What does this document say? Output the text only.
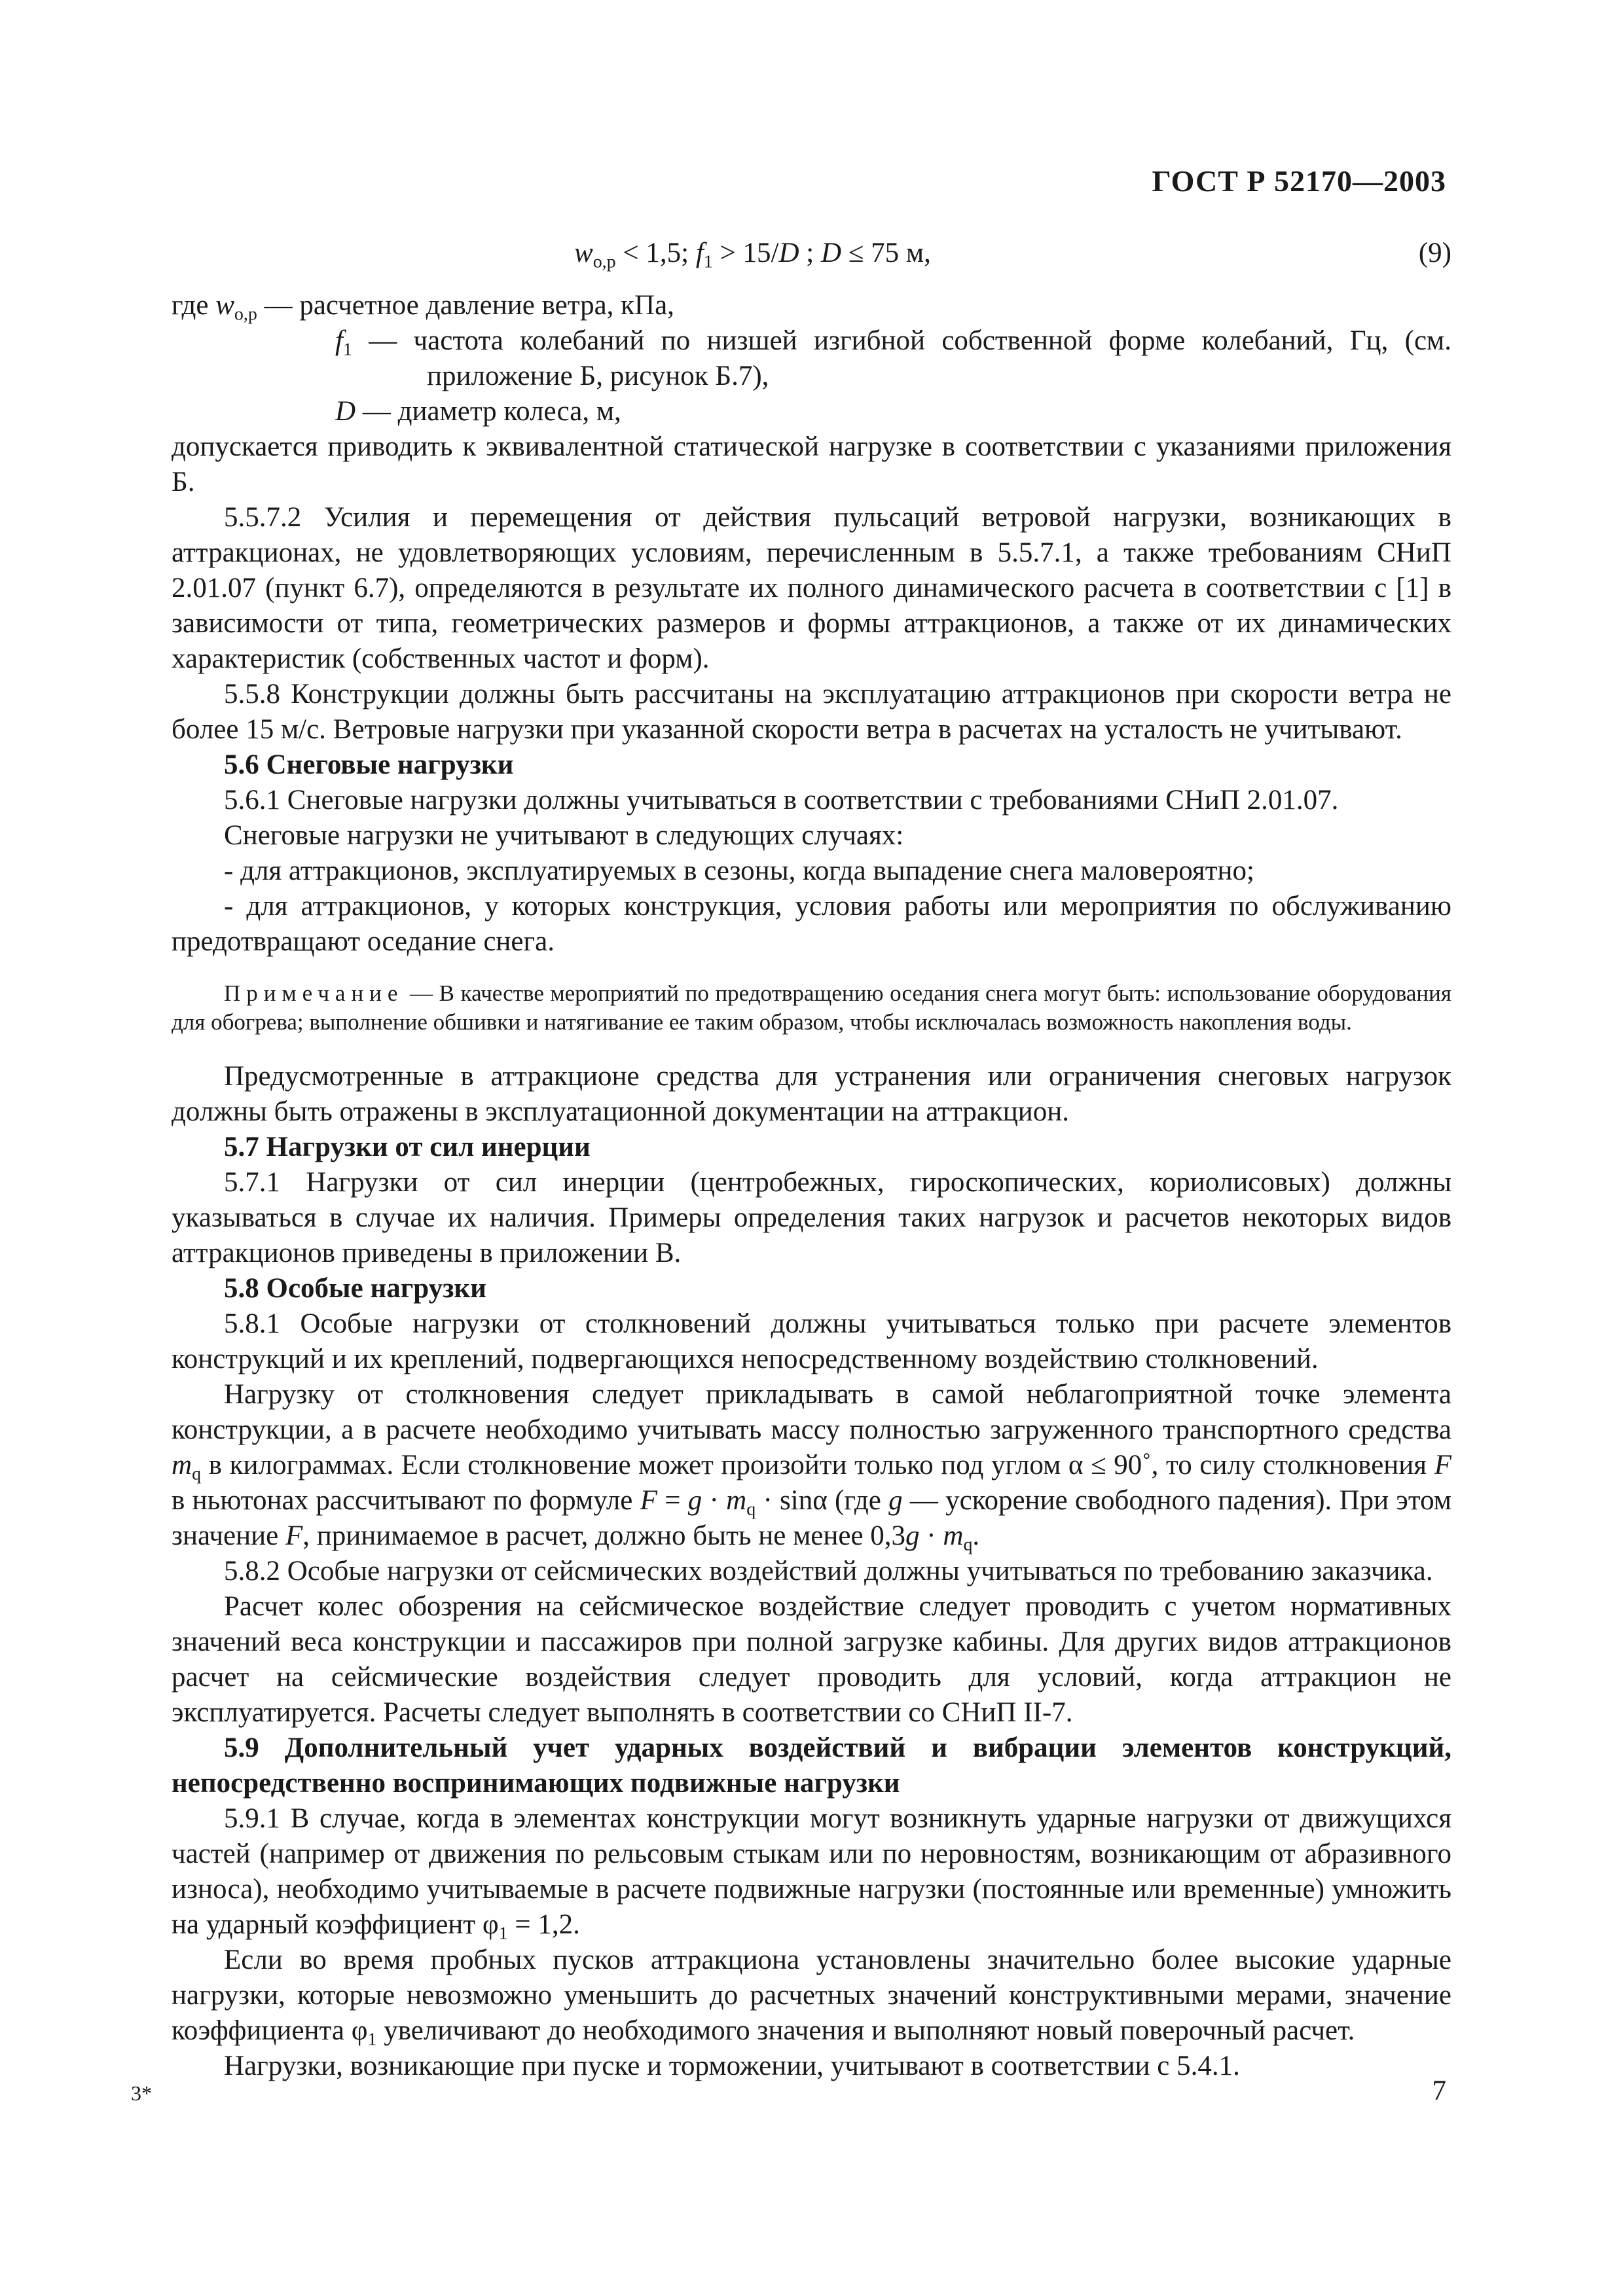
ГОСТ Р 52170—2003
$w_{o,p} < 1,5$; $f_1 > 15/D$ ; D ≤ 75 м,	(9)

где $w_{o,p}$ — расчетное давление ветра, кПа,

$f_1$ — частота колебаний по низшей изгибной собственной форме колебаний, Гц, (см. приложение Б, рисунок Б.7),

D — диаметр колеса, м,

допускается приводить к эквивалентной статической нагрузке в соответствии с указаниями приложения Б.

5.5.7.2 Усилия и перемещения от действия пульсаций ветровой нагрузки, возникающих в аттракционах, не удовлетворяющих условиям, перечисленным в 5.5.7.1, а также требованиям СНиП 2.01.07 (пункт 6.7), определяются в результате их полного динамического расчета в соответствии с [1] в зависимости от типа, геометрических размеров и формы аттракционов, а также от их динамических характеристик (собственных частот и форм).

5.5.8 Конструкции должны быть рассчитаны на эксплуатацию аттракционов при скорости ветра не более 15 м/с. Ветровые нагрузки при указанной скорости ветра в расчетах на усталость не учитывают.

5.6 Снеговые нагрузки

5.6.1 Снеговые нагрузки должны учитываться в соответствии с требованиями СНиП 2.01.07.

Снеговые нагрузки не учитывают в следующих случаях:

- для аттракционов, эксплуатируемых в сезоны, когда выпадение снега маловероятно;

- для аттракционов, у которых конструкция, условия работы или мероприятия по обслуживанию предотвращают оседание снега.

Примечание — В качестве мероприятий по предотвращению оседания снега могут быть: использование оборудования для обогрева; выполнение обшивки и натягивание ее таким образом, чтобы исключалась возможность накопления воды.

Предусмотренные в аттракционе средства для устранения или ограничения снеговых нагрузок должны быть отражены в эксплуатационной документации на аттракцион.

5.7 Нагрузки от сил инерции

5.7.1 Нагрузки от сил инерции (центробежных, гироскопических, кориолисовых) должны указываться в случае их наличия. Примеры определения таких нагрузок и расчетов некоторых видов аттракционов приведены в приложении В.

5.8 Особые нагрузки

5.8.1 Особые нагрузки от столкновений должны учитываться только при расчете элементов конструкций и их креплений, подвергающихся непосредственному воздействию столкновений.

Нагрузку от столкновения следует прикладывать в самой неблагоприятной точке элемента конструкции, а в расчете необходимо учитывать массу полностью загруженного транспортного средства $m_q$ в килограммах. Если столкновение может произойти только под углом α ≤ 90˚, то силу столкновения F в ньютонах рассчитывают по формуле $F = g \cdot m_q \cdot \sin\alpha$ (где g — ускорение свободного падения). При этом значение F, принимаемое в расчет, должно быть не менее $0,3g \cdot m_q$.

5.8.2 Особые нагрузки от сейсмических воздействий должны учитываться по требованию заказчика.

Расчет колес обозрения на сейсмическое воздействие следует проводить с учетом нормативных значений веса конструкции и пассажиров при полной загрузке кабины. Для других видов аттракционов расчет на сейсмические воздействия следует проводить для условий, когда аттракцион не эксплуатируется. Расчеты следует выполнять в соответствии со СНиП II-7.

5.9 Дополнительный учет ударных воздействий и вибрации элементов конструкций, непосредственно воспринимающих подвижные нагрузки

5.9.1 В случае, когда в элементах конструкции могут возникнуть ударные нагрузки от движущихся частей (например от движения по рельсовым стыкам или по неровностям, возникающим от абразивного износа), необходимо учитываемые в расчете подвижные нагрузки (постоянные или временные) умножить на ударный коэффициент $\varphi_1 = 1,2$.

Если во время пробных пусков аттракциона установлены значительно более высокие ударные нагрузки, которые невозможно уменьшить до расчетных значений конструктивными мерами, значение коэффициента $\varphi_1$ увеличивают до необходимого значения и выполняют новый поверочный расчет.

Нагрузки, возникающие при пуске и торможении, учитывают в соответствии с 5.4.1.

3*	7
